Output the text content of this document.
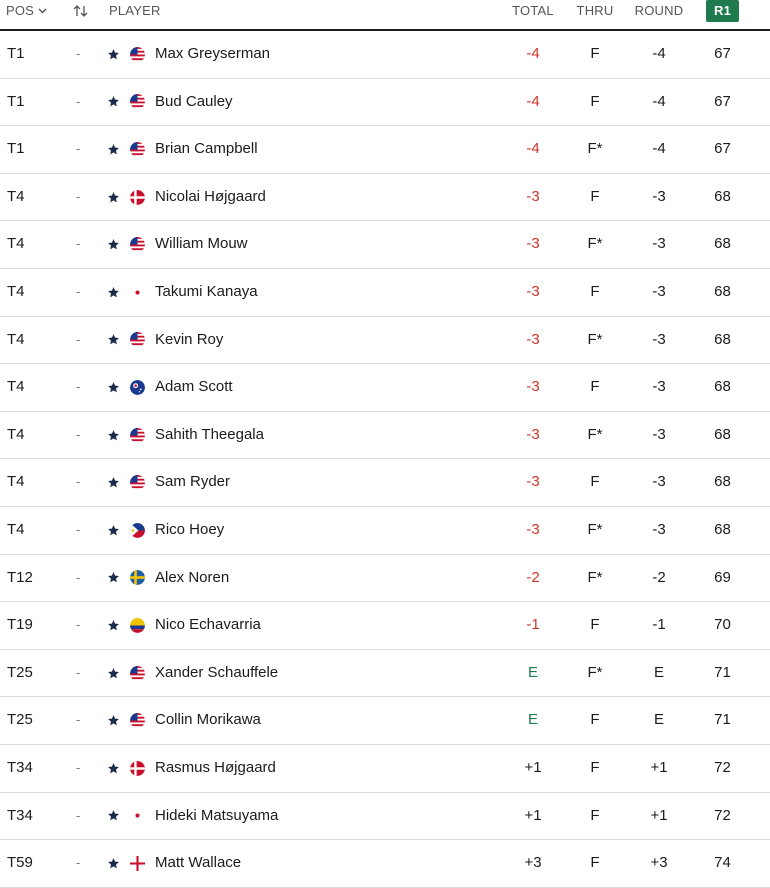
POS	PLAYER	TOTAL	THRU	ROUND	R1
T1	-	Max Greyserman	-4	F	-4	67
T1	-	Bud Cauley	-4	F	-4	67
T1	-	Brian Campbell	-4	F*	-4	67
T4	-	Nicolai Højgaard	-3	F	-3	68
T4	-	William Mouw	-3	F*	-3	68
T4	-	Takumi Kanaya	-3	F	-3	68
T4	-	Kevin Roy	-3	F*	-3	68
T4	-	Adam Scott	-3	F	-3	68
T4	-	Sahith Theegala	-3	F*	-3	68
T4	-	Sam Ryder	-3	F	-3	68
T4	-	Rico Hoey	-3	F*	-3	68
T12	-	Alex Noren	-2	F*	-2	69
T19	-	Nico Echavarria	-1	F	-1	70
T25	-	Xander Schauffele	E	F*	E	71
T25	-	Collin Morikawa	E	F	E	71
T34	-	Rasmus Højgaard	+1	F	+1	72
T34	-	Hideki Matsuyama	+1	F	+1	72
T59	-	Matt Wallace	+3	F	+3	74
